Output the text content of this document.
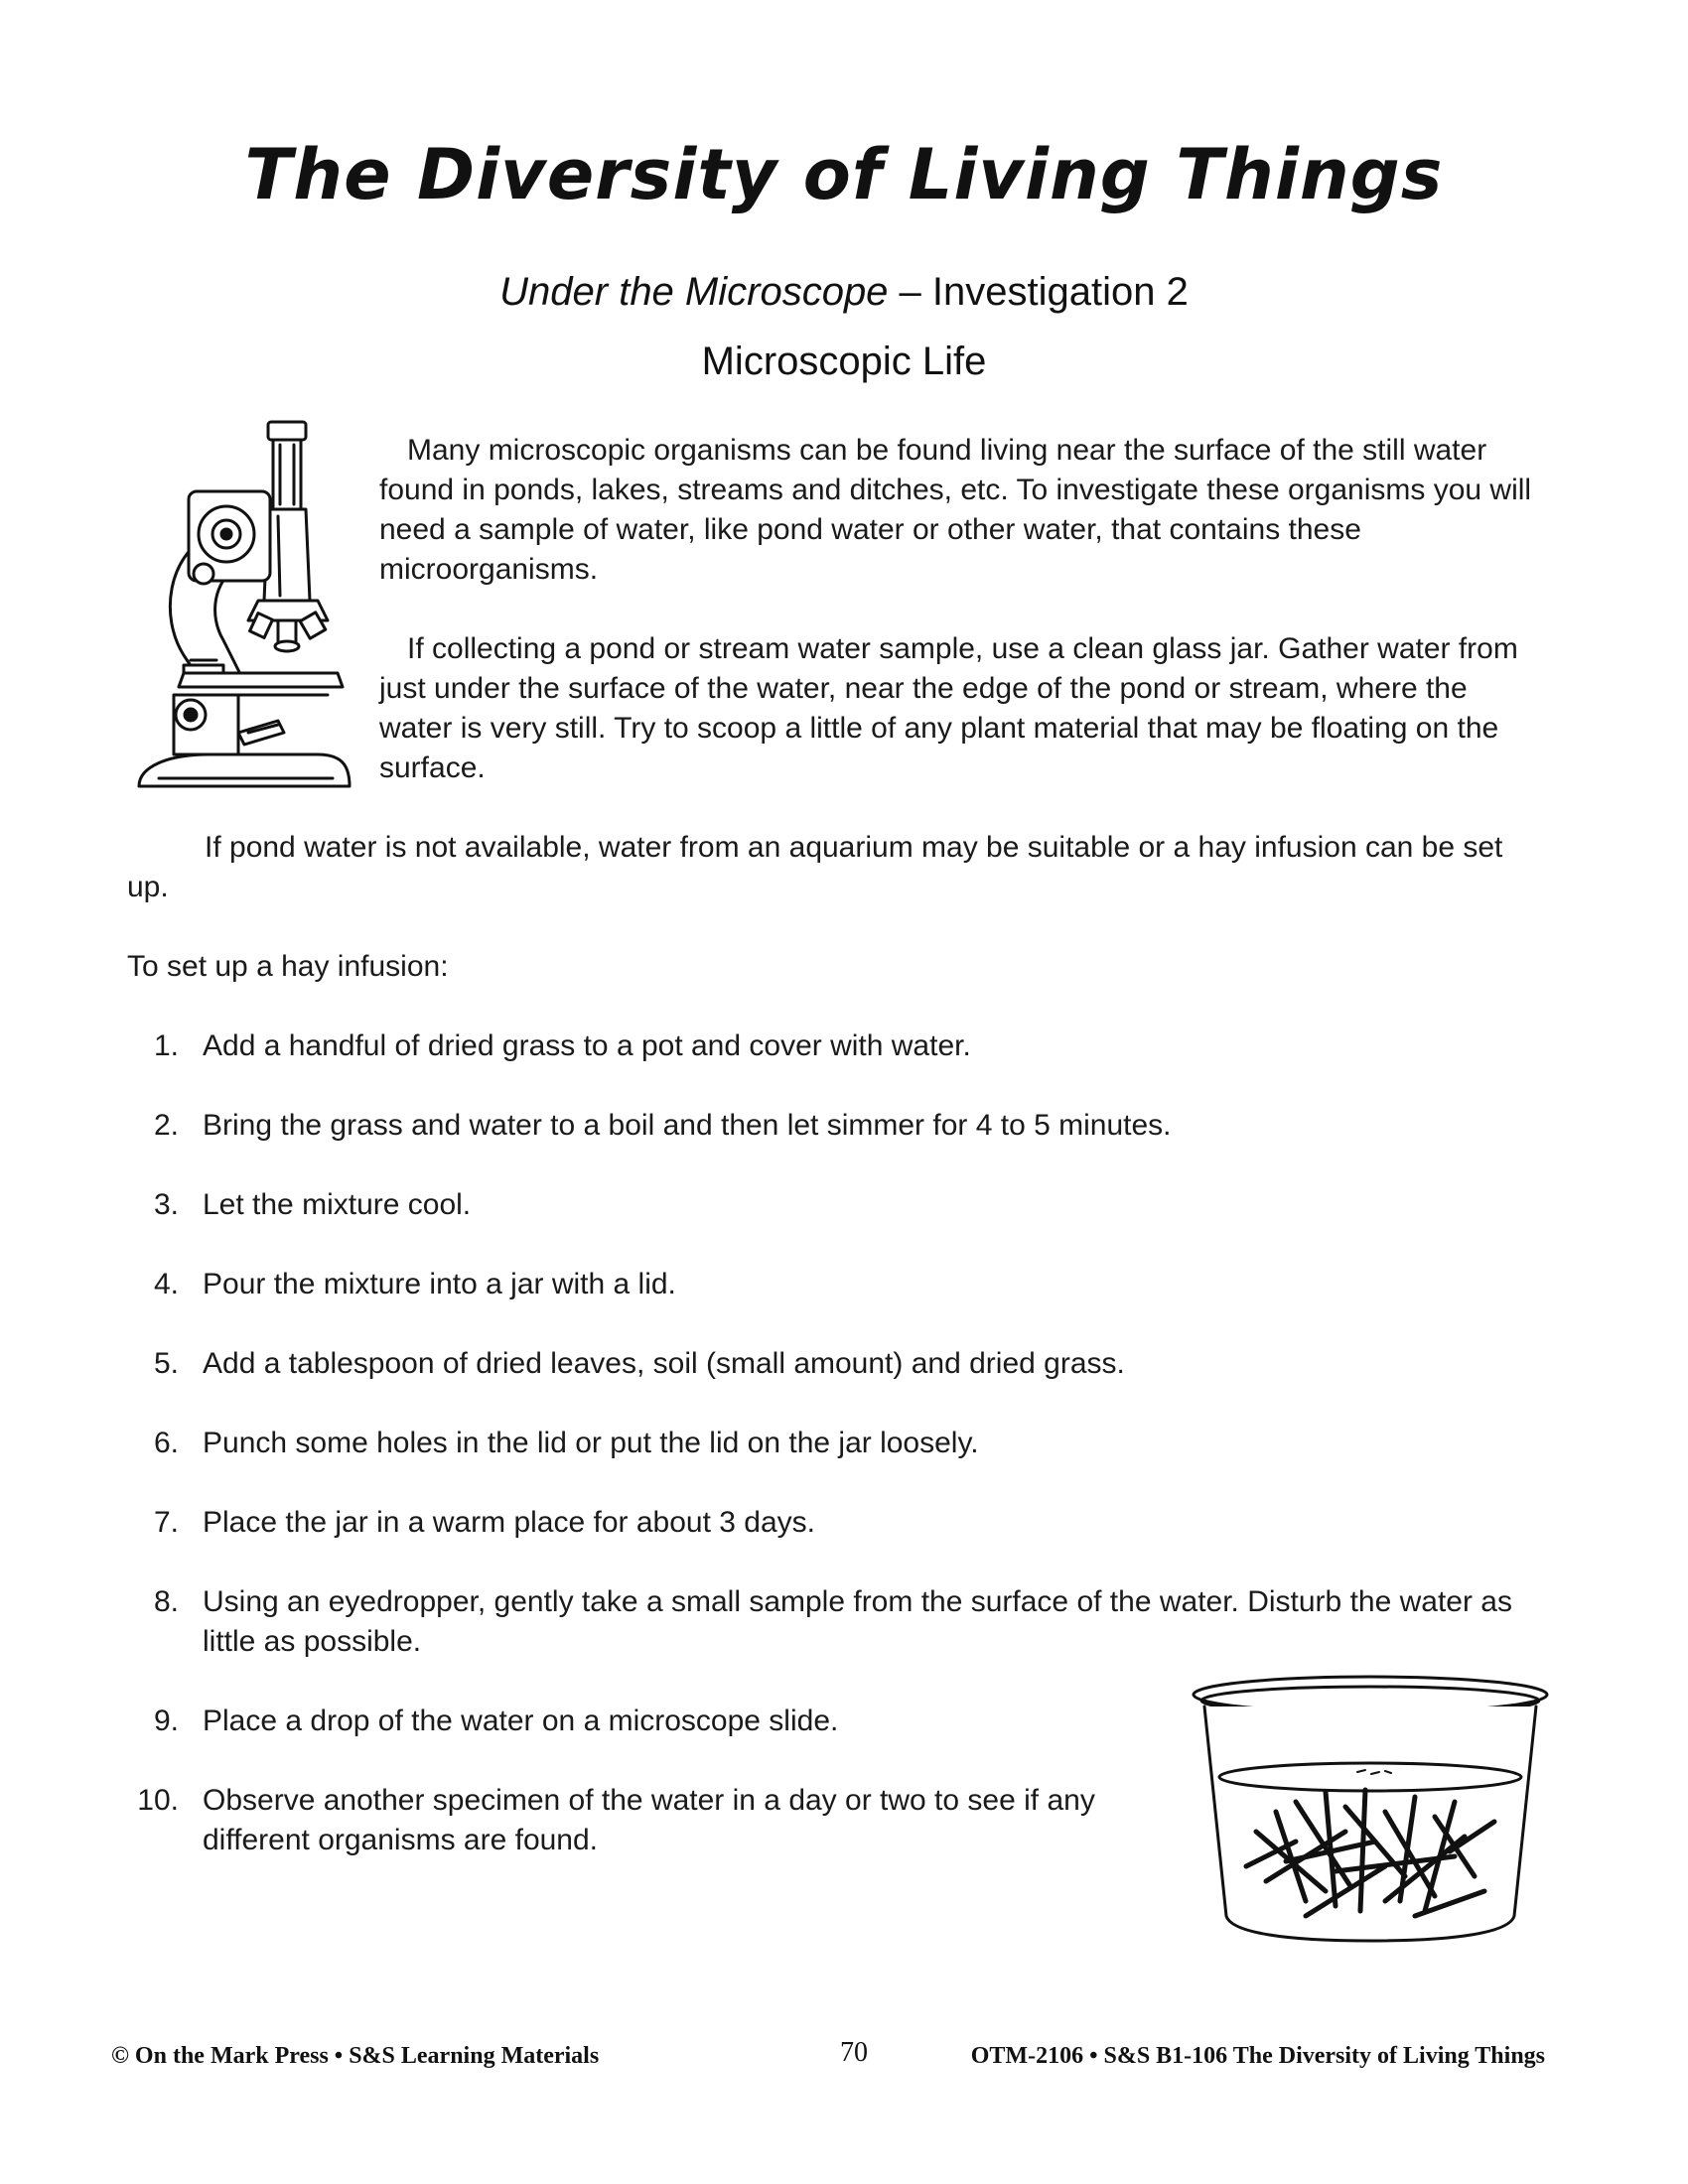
The Diversity of Living Things
Under the Microscope – Investigation 2
Microscopic Life

Many microscopic organisms can be found living near the surface of the still water found in ponds, lakes, streams and ditches, etc. To investigate these organisms you will need a sample of water, like pond water or other water, that contains these microorganisms.

If collecting a pond or stream water sample, use a clean glass jar. Gather water from just under the surface of the water, near the edge of the pond or stream, where the water is very still. Try to scoop a little of any plant material that may be floating on the surface.

If pond water is not available, water from an aquarium may be suitable or a hay infusion can be set up.

To set up a hay infusion:

1. Add a handful of dried grass to a pot and cover with water.
2. Bring the grass and water to a boil and then let simmer for 4 to 5 minutes.
3. Let the mixture cool.
4. Pour the mixture into a jar with a lid.
5. Add a tablespoon of dried leaves, soil (small amount) and dried grass.
6. Punch some holes in the lid or put the lid on the jar loosely.
7. Place the jar in a warm place for about 3 days.
8. Using an eyedropper, gently take a small sample from the surface of the water. Disturb the water as little as possible.
9. Place a drop of the water on a microscope slide.
10. Observe another specimen of the water in a day or two to see if any different organisms are found.
© On the Mark Press • S&S Learning Materials	70	OTM-2106 • S&S B1-106 The Diversity of Living Things
